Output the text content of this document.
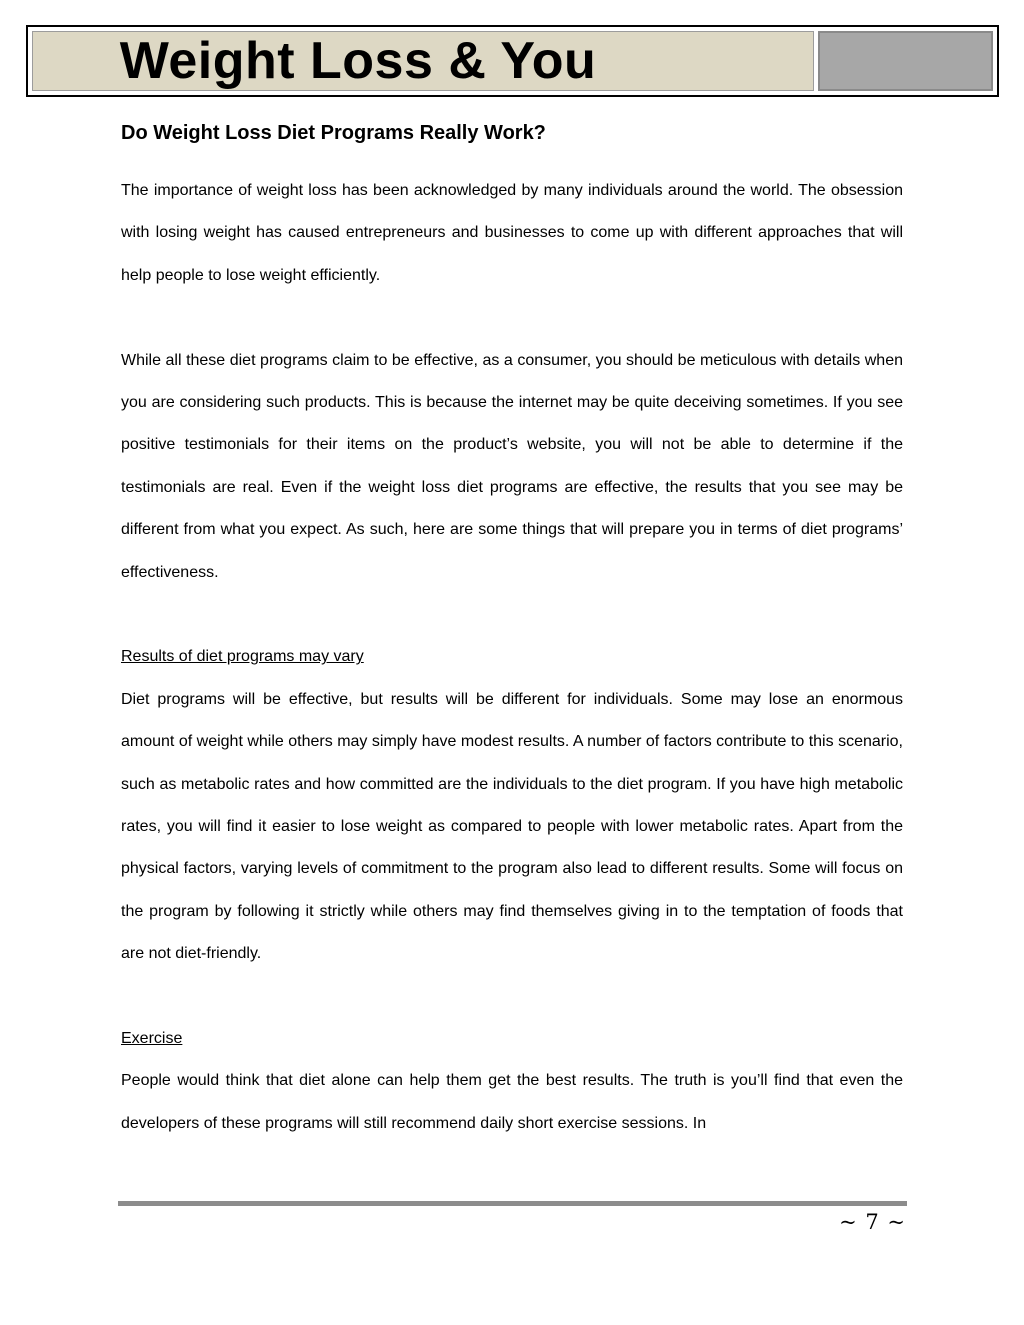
Weight Loss & You
Do Weight Loss Diet Programs Really Work?

The importance of weight loss has been acknowledged by many individuals around the world. The obsession with losing weight has caused entrepreneurs and businesses to come up with different approaches that will help people to lose weight efficiently.

While all these diet programs claim to be effective, as a consumer, you should be meticulous with details when you are considering such products. This is because the internet may be quite deceiving sometimes. If you see positive testimonials for their items on the product’s website, you will not be able to determine if the testimonials are real. Even if the weight loss diet programs are effective, the results that you see may be different from what you expect. As such, here are some things that will prepare you in terms of diet programs’ effectiveness.

Results of diet programs may vary

Diet programs will be effective, but results will be different for individuals. Some may lose an enormous amount of weight while others may simply have modest results. A number of factors contribute to this scenario, such as metabolic rates and how committed are the individuals to the diet program. If you have high metabolic rates, you will find it easier to lose weight as compared to people with lower metabolic rates. Apart from the physical factors, varying levels of commitment to the program also lead to different results. Some will focus on the program by following it strictly while others may find themselves giving in to the temptation of foods that are not diet-friendly.

Exercise

People would think that diet alone can help them get the best results. The truth is you’ll find that even the developers of these programs will still recommend daily short exercise sessions. In

~ 7 ~
